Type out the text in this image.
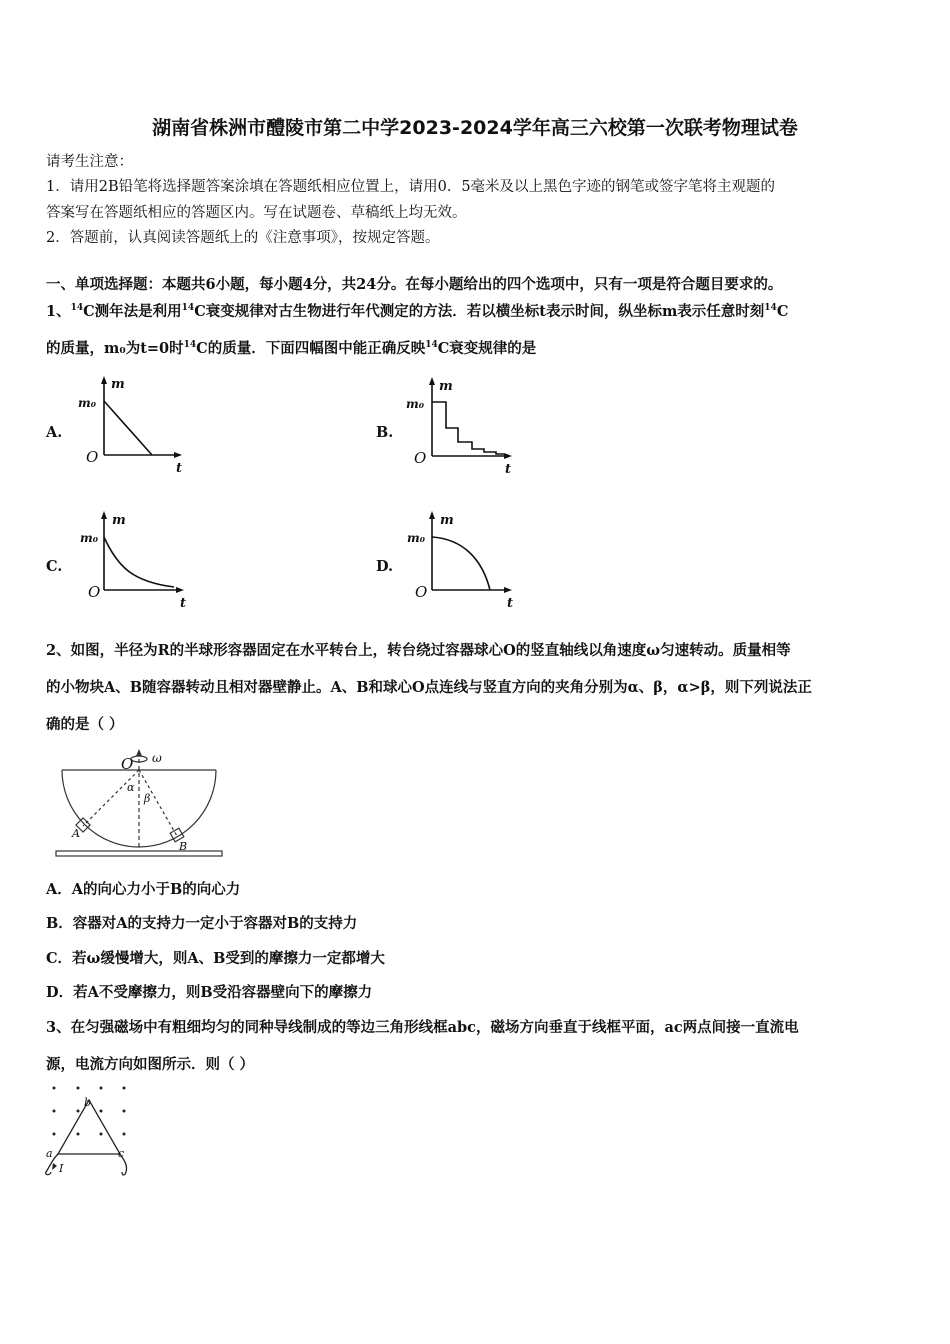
湖南省株洲市醴陵市第二中学2023-2024学年高三六校第一次联考物理试卷
请考生注意：
1．请用2B铅笔将选择题答案涂填在答题纸相应位置上，请用0．5毫米及以上黑色字迹的钢笔或签字笔将主观题的
答案写在答题纸相应的答题区内。写在试题卷、草稿纸上均无效。
2．答题前，认真阅读答题纸上的《注意事项》，按规定答题。
一、单项选择题：本题共6小题，每小题4分，共24分。在每小题给出的四个选项中，只有一项是符合题目要求的。
1、$^{14}$C测年法是利用$^{14}$C衰变规律对古生物进行年代测定的方法．若以横坐标t表示时间，纵坐标m表示任意时刻$^{14}$C
的质量，m₀为t=0时$^{14}$C的质量．下面四幅图中能正确反映$^{14}$C衰变规律的是
A.
m
m₀
O
t
B.
m
m₀
O
t
C.
m
m₀
O
t
D.
m
m₀
O
t
2、如图，半径为R的半球形容器固定在水平转台上，转台绕过容器球心O的竖直轴线以角速度ω匀速转动。质量相等
的小物块A、B随容器转动且相对器壁静止。A、B和球心O点连线与竖直方向的夹角分别为α、β，α>β，则下列说法正
确的是（ ）
ω
O
α
β
A
B
A．A的向心力小于B的向心力
B．容器对A的支持力一定小于容器对B的支持力
C．若ω缓慢增大，则A、B受到的摩擦力一定都增大
D．若A不受摩擦力，则B受沿容器壁向下的摩擦力
3、在匀强磁场中有粗细均匀的同种导线制成的等边三角形线框abc，磁场方向垂直于线框平面，ac两点间接一直流电
源，电流方向如图所示．则（ ）
b
a	c
I
